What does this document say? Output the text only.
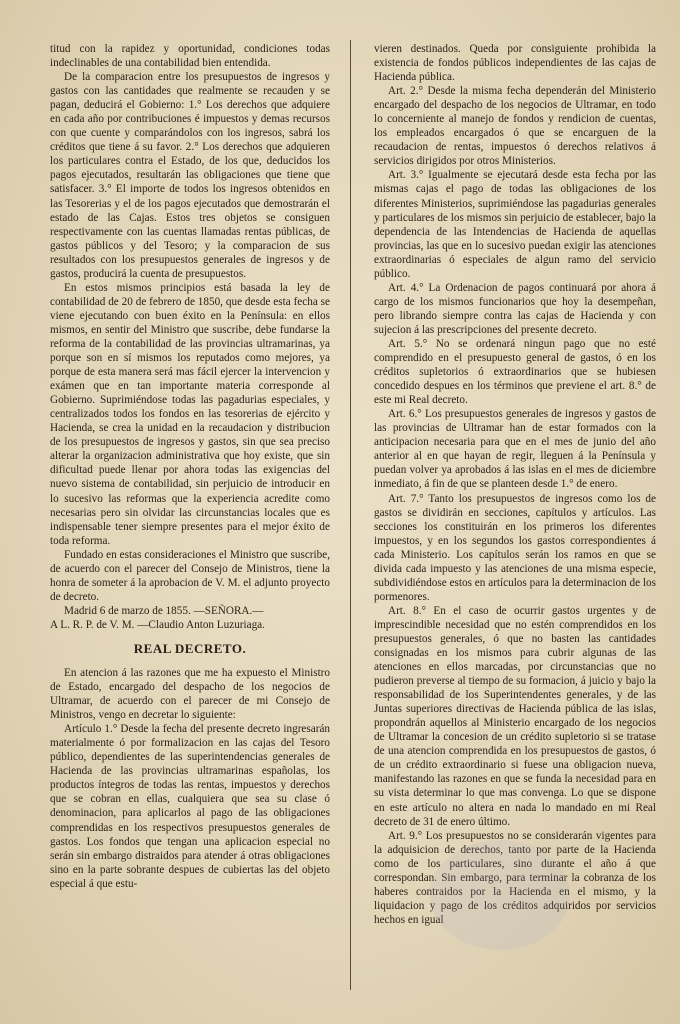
titud con la rapidez y oportunidad, condiciones todas indeclinables de una contabilidad bien entendida.

De la comparacion entre los presupuestos de ingresos y gastos con las cantidades que realmente se recauden y se pagan, deducirá el Gobierno: 1.° Los derechos que adquiere en cada año por contribuciones é impuestos y demas recursos con que cuente y comparándolos con los ingresos, sabrá los créditos que tiene á su favor. 2.° Los derechos que adquieren los particulares contra el Estado, de los que, deducidos los pagos ejecutados, resultarán las obligaciones que tiene que satisfacer. 3.° El importe de todos los ingresos obtenidos en las Tesorerias y el de los pagos ejecutados que demostrarán el estado de las Cajas. Estos tres objetos se consiguen respectivamente con las cuentas llamadas rentas públicas, de gastos públicos y del Tesoro; y la comparacion de sus resultados con los presupuestos generales de ingresos y de gastos, producirá la cuenta de presupuestos.

En estos mismos principios está basada la ley de contabilidad de 20 de febrero de 1850, que desde esta fecha se viene ejecutando con buen éxito en la Península: en ellos mismos, en sentir del Ministro que suscribe, debe fundarse la reforma de la contabilidad de las provincias ultramarinas, ya porque son en sí mismos los reputados como mejores, ya porque de esta manera será mas fácil ejercer la intervencion y exámen que en tan importante materia corresponde al Gobierno. Suprimiéndose todas las pagadurias especiales, y centralizados todos los fondos en las tesorerias de ejército y Hacienda, se crea la unidad en la recaudacion y distribucion de los presupuestos de ingresos y gastos, sin que sea preciso alterar la organizacion administrativa que hoy existe, que sin dificultad puede llenar por ahora todas las exigencias del nuevo sistema de contabilidad, sin perjuicio de introducir en lo sucesivo las reformas que la experiencia acredite como necesarias pero sin olvidar las circunstancias locales que es indispensable tener siempre presentes para el mejor éxito de toda reforma.

Fundado en estas consideraciones el Ministro que suscribe, de acuerdo con el parecer del Consejo de Ministros, tiene la honra de someter á la aprobacion de V. M. el adjunto proyecto de decreto.

Madrid 6 de marzo de 1855. —SEÑORA.—

A L. R. P. de V. M. —Claudio Anton Luzuriaga.

REAL DECRETO.

En atencion á las razones que me ha expuesto el Ministro de Estado, encargado del despacho de los negocios de Ultramar, de acuerdo con el parecer de mi Consejo de Ministros, vengo en decretar lo siguiente:

Artículo 1.° Desde la fecha del presente decreto ingresarán materialmente ó por formalizacion en las cajas del Tesoro público, dependientes de las superintendencias generales de Hacienda de las provincias ultramarinas españolas, los productos íntegros de todas las rentas, impuestos y derechos que se cobran en ellas, cualquiera que sea su clase ó denominacion, para aplicarlos al pago de las obligaciones comprendidas en los respectivos presupuestos generales de gastos. Los fondos que tengan una aplicacion especial no serán sin embargo distraidos para atender á otras obligaciones sino en la parte sobrante despues de cubiertas las del objeto especial á que estu-

vieren destinados. Queda por consiguiente prohibida la existencia de fondos públicos independientes de las cajas de Hacienda pública.

Art. 2.° Desde la misma fecha dependerán del Ministerio encargado del despacho de los negocios de Ultramar, en todo lo concerniente al manejo de fondos y rendicion de cuentas, los empleados encargados ó que se encarguen de la recaudacion de rentas, impuestos ó derechos relativos á servicios dirigidos por otros Ministerios.

Art. 3.° Igualmente se ejecutará desde esta fecha por las mismas cajas el pago de todas las obligaciones de los diferentes Ministerios, suprimiéndose las pagadurias generales y particulares de los mismos sin perjuicio de establecer, bajo la dependencia de las Intendencias de Hacienda de aquellas provincias, las que en lo sucesivo puedan exigir las atenciones extraordinarias ó especiales de algun ramo del servicio público.

Art. 4.° La Ordenacion de pagos continuará por ahora á cargo de los mismos funcionarios que hoy la desempeñan, pero librando siempre contra las cajas de Hacienda y con sujecion á las prescripciones del presente decreto.

Art. 5.° No se ordenará ningun pago que no esté comprendido en el presupuesto general de gastos, ó en los créditos supletorios ó extraordinarios que se hubiesen concedido despues en los términos que previene el art. 8.° de este mi Real decreto.

Art. 6.° Los presupuestos generales de ingresos y gastos de las provincias de Ultramar han de estar formados con la anticipacion necesaria para que en el mes de junio del año anterior al en que hayan de regir, lleguen á la Península y puedan volver ya aprobados á las islas en el mes de diciembre inmediato, á fin de que se planteen desde 1.° de enero.

Art. 7.° Tanto los presupuestos de ingresos como los de gastos se dividirán en secciones, capítulos y artículos. Las secciones los constituirán en los primeros los diferentes impuestos, y en los segundos los gastos correspondientes á cada Ministerio. Los capítulos serán los ramos en que se divida cada impuesto y las atenciones de una misma especie, subdividiéndose estos en artículos para la determinacion de los pormenores.

Art. 8.° En el caso de ocurrir gastos urgentes y de imprescindible necesidad que no estén comprendidos en los presupuestos generales, ó que no basten las cantidades consignadas en los mismos para cubrir algunas de las atenciones en ellos marcadas, por circunstancias que no pudieron preverse al tiempo de su formacion, á juicio y bajo la responsabilidad de los Superintendentes generales, y de las Juntas superiores directivas de Hacienda pública de las islas, propondrán aquellos al Ministerio encargado de los negocios de Ultramar la concesion de un crédito supletorio si se tratase de una atencion comprendida en los presupuestos de gastos, ó de un crédito extraordinario si fuese una obligacion nueva, manifestando las razones en que se funda la necesidad para en su vista determinar lo que mas convenga. Lo que se dispone en este artículo no altera en nada lo mandado en mi Real decreto de 31 de enero último.

Art. 9.° Los presupuestos no se considerarán vigentes para la adquisicion de derechos, tanto por parte de la Hacienda como de los particulares, sino durante el año á que correspondan. Sin embargo, para terminar la cobranza de los haberes contraidos por la Hacienda en el mismo, y la liquidacion y pago de los créditos adquiridos por servicios hechos en igual
